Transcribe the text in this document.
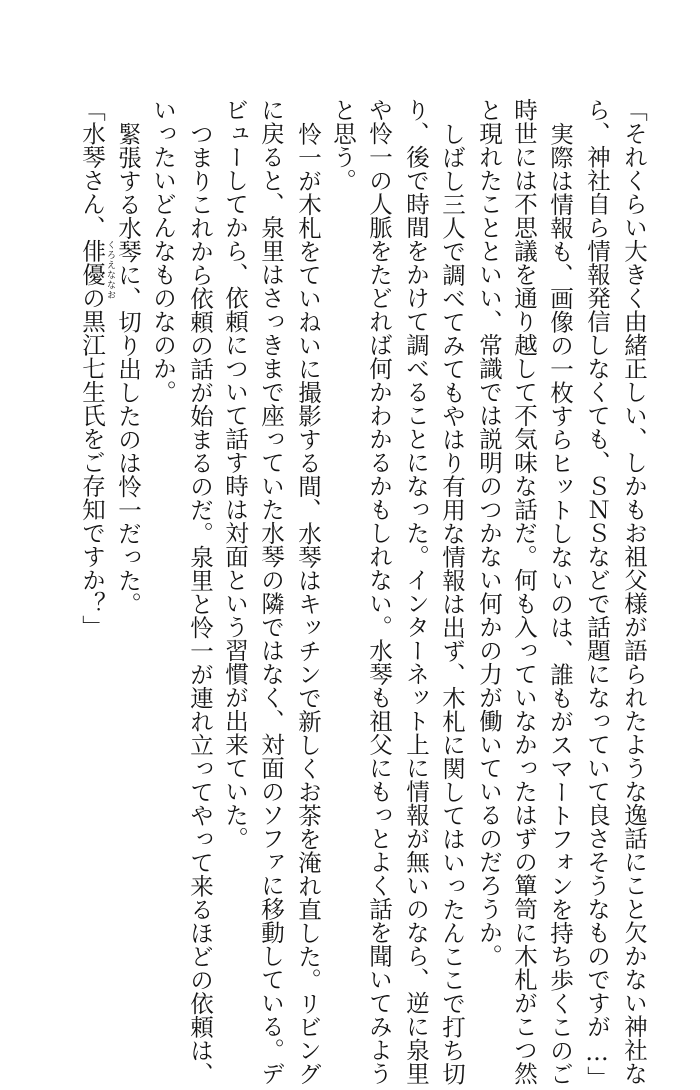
「それくらい大きく由緒正しい、しかもお祖父様が語られたような逸話にこと欠かない神社な
ら、神社自ら情報発信しなくても、ＳＮＳなどで話題になっていて良さそうなものですが…」
実際は情報も、画像の一枚すらヒットしないのは、誰もがスマートフォンを持ち歩くこのご
時世には不思議を通り越して不気味な話だ。何も入っていなかったはずの簞笥に木札がこつ然
と現れたことといい、常識では説明のつかない何かの力が働いているのだろうか。
しばし三人で調べてみてもやはり有用な情報は出ず、木札に関してはいったんここで打ち切
り、後で時間をかけて調べることになった。インターネット上に情報が無いのなら、逆に泉里
や怜一の人脈をたどれば何かわかるかもしれない。水琴も祖父にもっとよく話を聞いてみよう
と思う。
怜一が木札をていねいに撮影する間、水琴はキッチンで新しくお茶を淹れ直した。リビング
に戻ると、泉里はさっきまで座っていた水琴の隣ではなく、対面のソファに移動している。デ
ビューしてから、依頼について話す時は対面という習慣が出来ていた。
つまりこれから依頼の話が始まるのだ。泉里と怜一が連れ立ってやって来るほどの依頼は、
いったいどんなものなのか。
緊張する水琴に、切り出したのは怜一だった。
「水琴さん、俳優の黒江七生氏をご存知ですか？」 くろえななお
